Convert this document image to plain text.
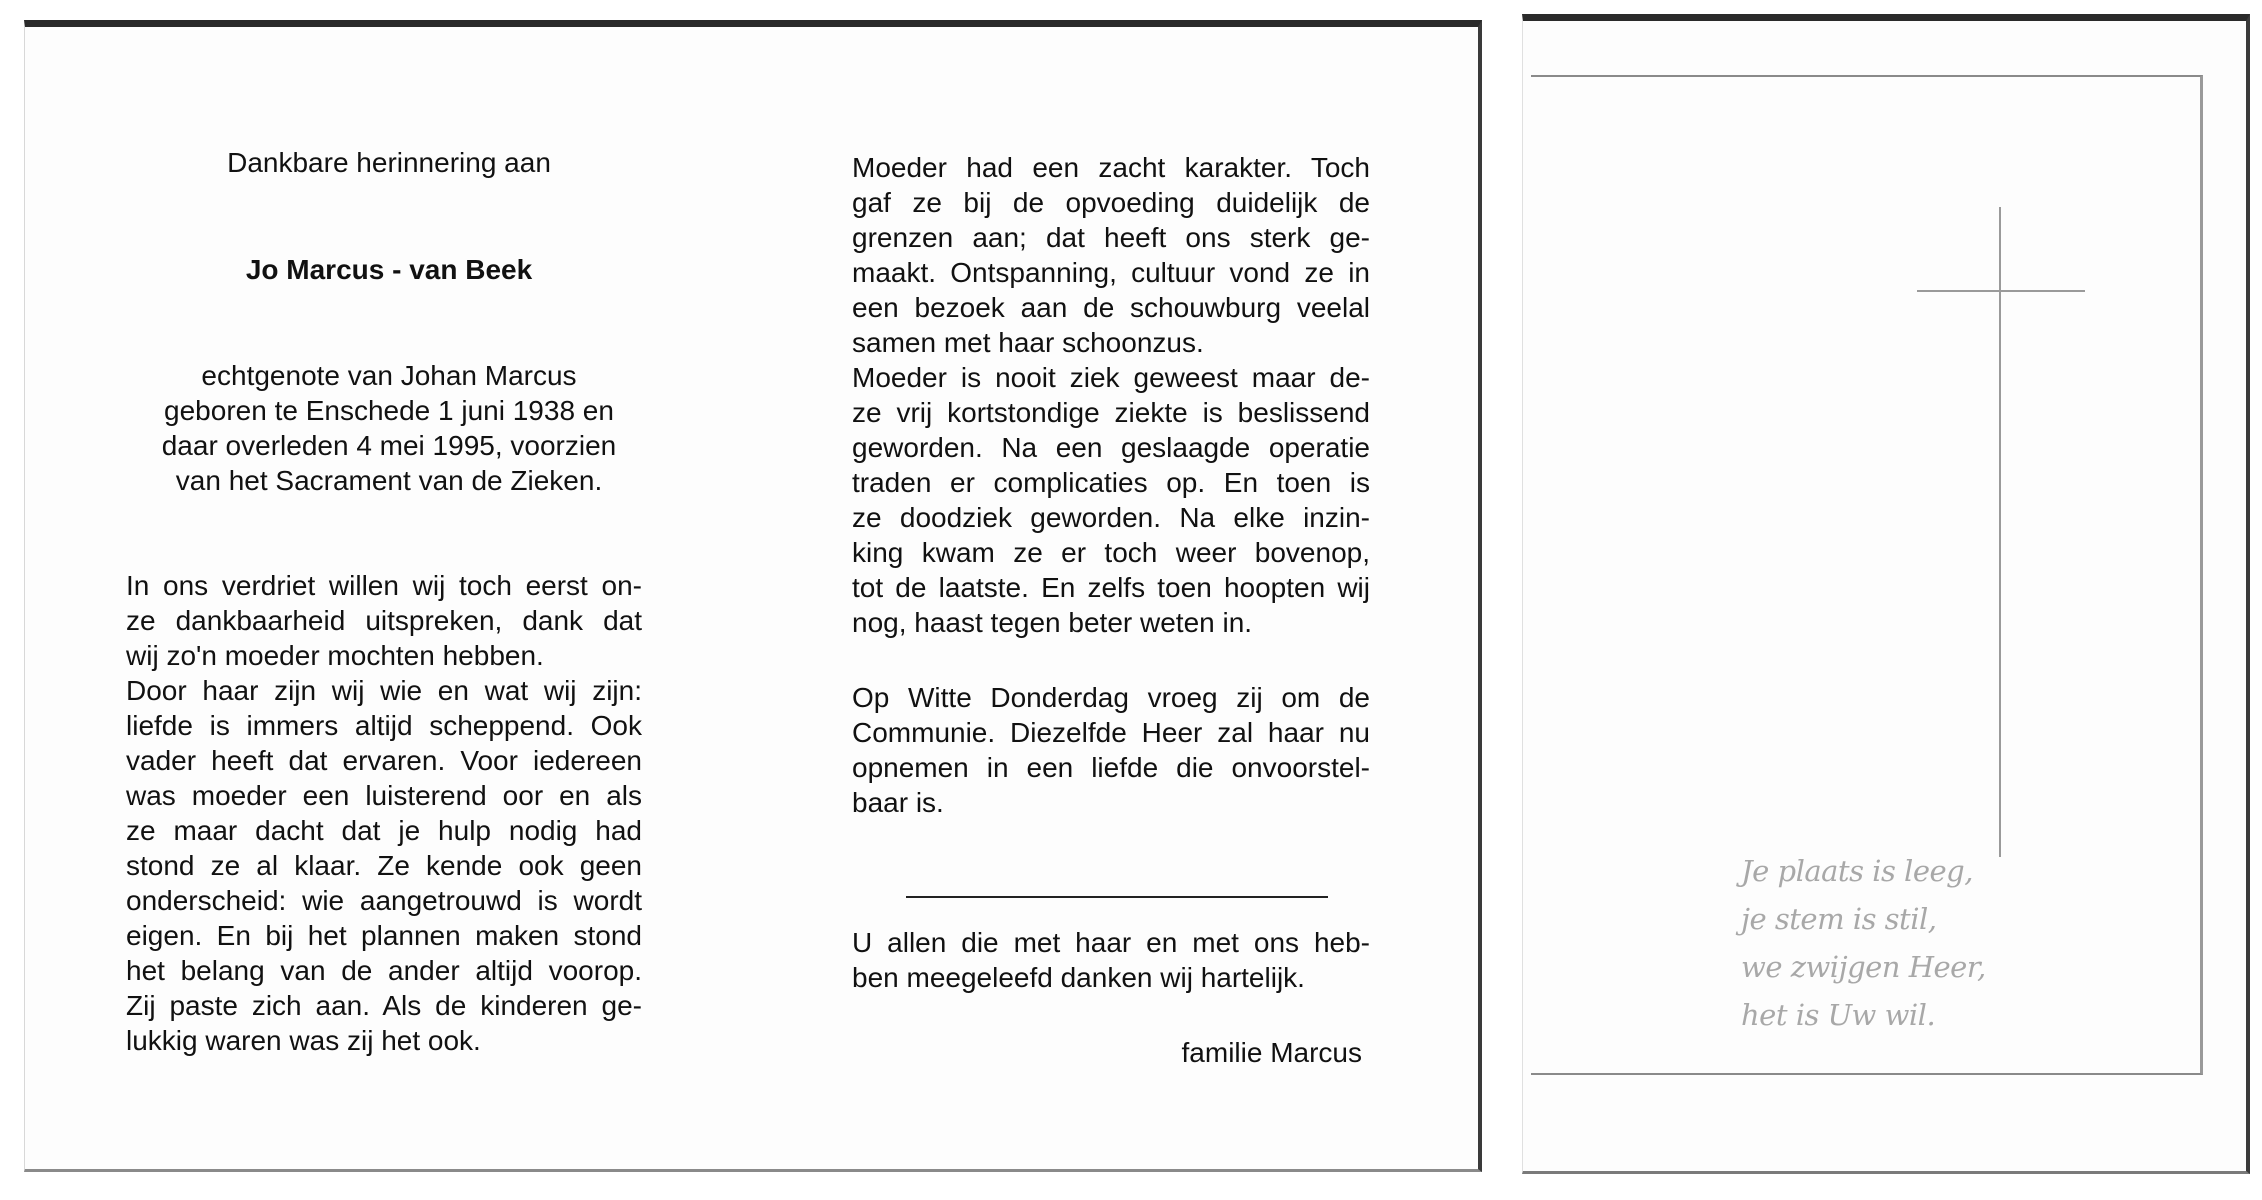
Dankbare herinnering aan
Jo Marcus - van Beek
echtgenote van Johan Marcus
geboren te Enschede 1 juni 1938 en
daar overleden 4 mei 1995, voorzien
van het Sacrament van de Zieken.
In ons verdriet willen wij toch eerst on-
ze dankbaarheid uitspreken, dank dat
wij zo'n moeder mochten hebben.
Door haar zijn wij wie en wat wij zijn:
liefde is immers altijd scheppend. Ook
vader heeft dat ervaren. Voor iedereen
was moeder een luisterend oor en als
ze maar dacht dat je hulp nodig had
stond ze al klaar. Ze kende ook geen
onderscheid: wie aangetrouwd is wordt
eigen. En bij het plannen maken stond
het belang van de ander altijd voorop.
Zij paste zich aan. Als de kinderen ge-
lukkig waren was zij het ook.
Moeder had een zacht karakter. Toch
gaf ze bij de opvoeding duidelijk de
grenzen aan; dat heeft ons sterk ge-
maakt. Ontspanning, cultuur vond ze in
een bezoek aan de schouwburg veelal
samen met haar schoonzus.
Moeder is nooit ziek geweest maar de-
ze vrij kortstondige ziekte is beslissend
geworden. Na een geslaagde operatie
traden er complicaties op. En toen is
ze doodziek geworden. Na elke inzin-
king kwam ze er toch weer bovenop,
tot de laatste. En zelfs toen hoopten wij
nog, haast tegen beter weten in.
Op Witte Donderdag vroeg zij om de
Communie. Diezelfde Heer zal haar nu
opnemen in een liefde die onvoorstel-
baar is.
U allen die met haar en met ons heb-
ben meegeleefd danken wij hartelijk.
familie Marcus
Je plaats is leeg,
je stem is stil,
we zwijgen Heer,
het is Uw wil.
